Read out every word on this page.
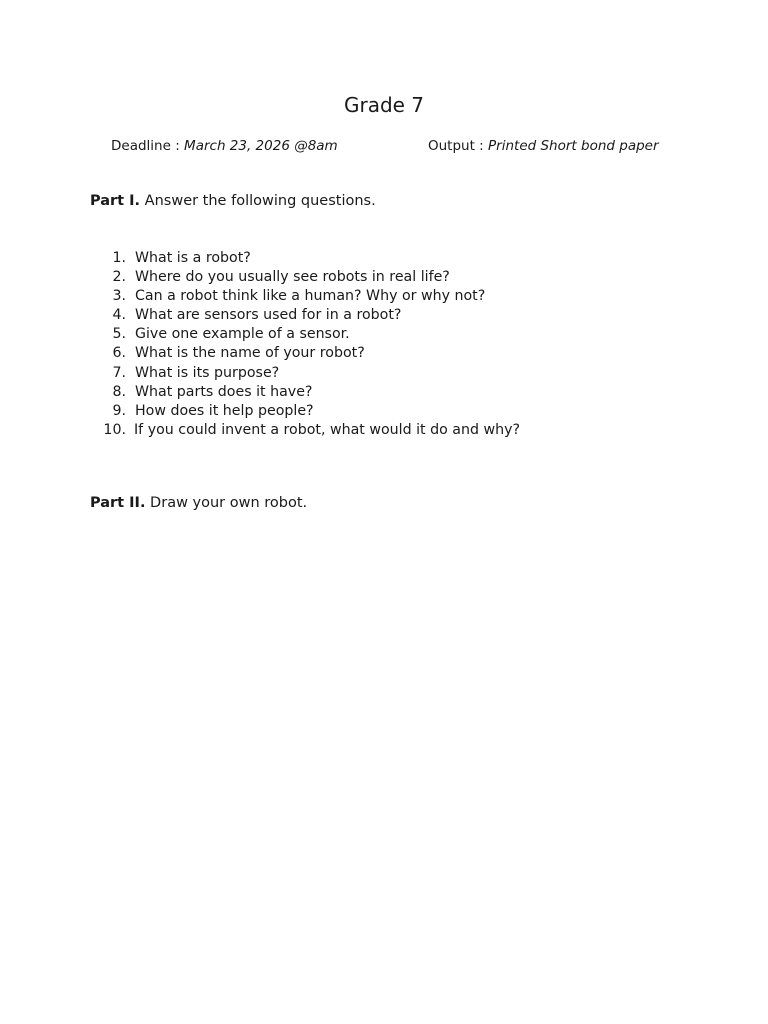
Grade 7
Deadline : March 23, 2026 @8am	Output : Printed Short bond paper
Part I. Answer the following questions.
1. What is a robot?
2. Where do you usually see robots in real life?
3. Can a robot think like a human? Why or why not?
4. What are sensors used for in a robot?
5. Give one example of a sensor.
6. What is the name of your robot?
7. What is its purpose?
8. What parts does it have?
9. How does it help people?
10. If you could invent a robot, what would it do and why?
Part II. Draw your own robot.
